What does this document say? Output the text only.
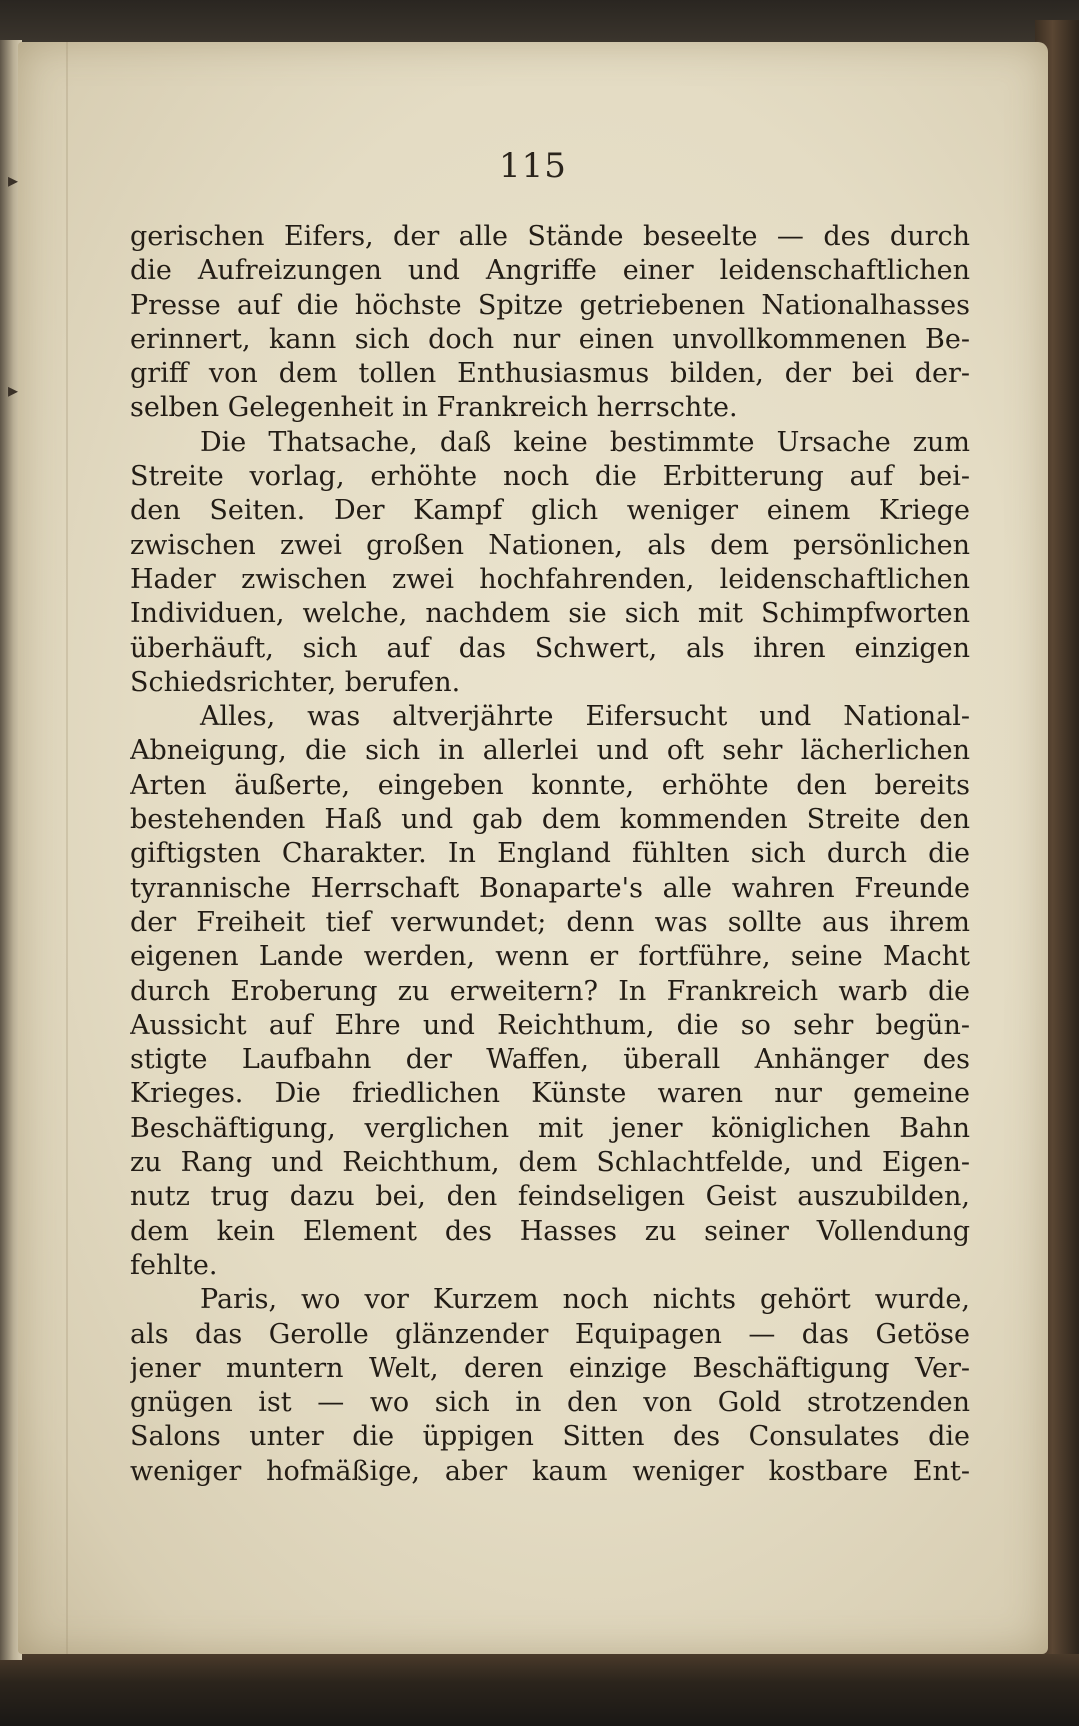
115
gerischen Eifers, der alle Stände beseelte — des durch
die Aufreizungen und Angriffe einer leidenschaftlichen
Presse auf die höchste Spitze getriebenen Nationalhasses
erinnert, kann sich doch nur einen unvollkommenen Be-
griff von dem tollen Enthusiasmus bilden, der bei der-
selben Gelegenheit in Frankreich herrschte.
Die Thatsache, daß keine bestimmte Ursache zum
Streite vorlag, erhöhte noch die Erbitterung auf bei-
den Seiten. Der Kampf glich weniger einem Kriege
zwischen zwei großen Nationen, als dem persönlichen
Hader zwischen zwei hochfahrenden, leidenschaftlichen
Individuen, welche, nachdem sie sich mit Schimpfworten
überhäuft, sich auf das Schwert, als ihren einzigen
Schiedsrichter, berufen.
Alles, was altverjährte Eifersucht und National-
Abneigung, die sich in allerlei und oft sehr lächerlichen
Arten äußerte, eingeben konnte, erhöhte den bereits
bestehenden Haß und gab dem kommenden Streite den
giftigsten Charakter. In England fühlten sich durch die
tyrannische Herrschaft Bonaparte's alle wahren Freunde
der Freiheit tief verwundet; denn was sollte aus ihrem
eigenen Lande werden, wenn er fortführe, seine Macht
durch Eroberung zu erweitern? In Frankreich warb die
Aussicht auf Ehre und Reichthum, die so sehr begün-
stigte Laufbahn der Waffen, überall Anhänger des
Krieges. Die friedlichen Künste waren nur gemeine
Beschäftigung, verglichen mit jener königlichen Bahn
zu Rang und Reichthum, dem Schlachtfelde, und Eigen-
nutz trug dazu bei, den feindseligen Geist auszubilden,
dem kein Element des Hasses zu seiner Vollendung
fehlte.
Paris, wo vor Kurzem noch nichts gehört wurde,
als das Gerolle glänzender Equipagen — das Getöse
jener muntern Welt, deren einzige Beschäftigung Ver-
gnügen ist — wo sich in den von Gold strotzenden
Salons unter die üppigen Sitten des Consulates die
weniger hofmäßige, aber kaum weniger kostbare Ent-
▸
▸
